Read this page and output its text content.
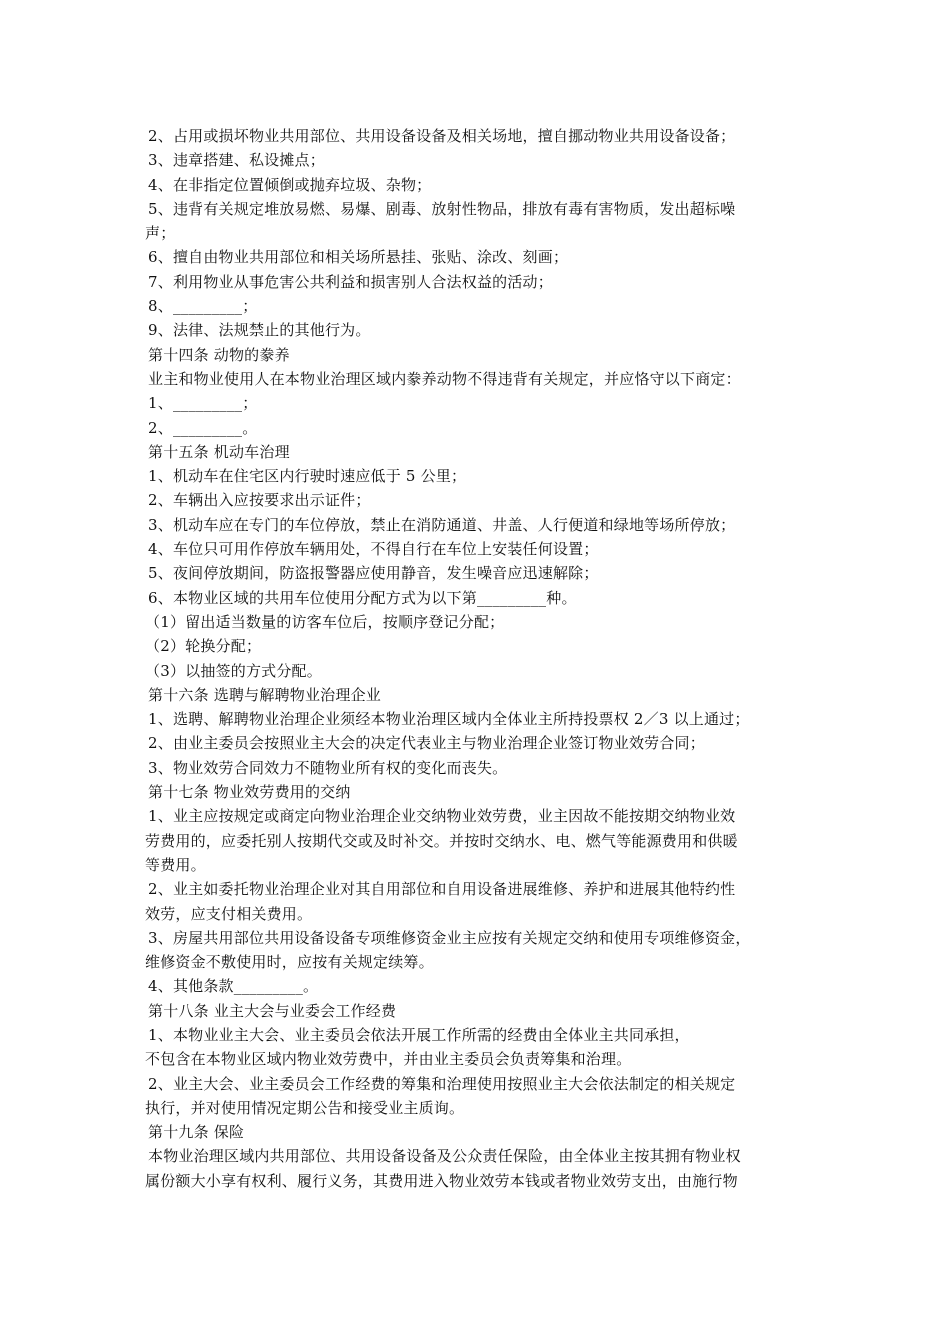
2、占用或损坏物业共用部位、共用设备设备及相关场地，擅自挪动物业共用设备设备；
3、违章搭建、私设摊点；
4、在非指定位置倾倒或抛弃垃圾、杂物；
5、违背有关规定堆放易燃、易爆、剧毒、放射性物品，排放有毒有害物质，发出超标噪
声；
6、擅自由物业共用部位和相关场所悬挂、张贴、涂改、刻画；
7、利用物业从事危害公共利益和损害别人合法权益的活动；
8、_________；
9、法律、法规禁止的其他行为。
第十四条 动物的豢养
业主和物业使用人在本物业治理区域内豢养动物不得违背有关规定，并应恪守以下商定：
1、_________；
2、_________。
第十五条 机动车治理
1、机动车在住宅区内行驶时速应低于 5 公里；
2、车辆出入应按要求出示证件；
3、机动车应在专门的车位停放，禁止在消防通道、井盖、人行便道和绿地等场所停放；
4、车位只可用作停放车辆用处，不得自行在车位上安装任何设置；
5、夜间停放期间，防盗报警器应使用静音，发生噪音应迅速解除；
6、本物业区域的共用车位使用分配方式为以下第_________种。
（1）留出适当数量的访客车位后，按顺序登记分配；
（2）轮换分配；
（3）以抽签的方式分配。
第十六条 选聘与解聘物业治理企业
1、选聘、解聘物业治理企业须经本物业治理区域内全体业主所持投票权 2／3 以上通过；
2、由业主委员会按照业主大会的决定代表业主与物业治理企业签订物业效劳合同；
3、物业效劳合同效力不随物业所有权的变化而丧失。
第十七条 物业效劳费用的交纳
1、业主应按规定或商定向物业治理企业交纳物业效劳费，业主因故不能按期交纳物业效
劳费用的，应委托别人按期代交或及时补交。并按时交纳水、电、燃气等能源费用和供暖
等费用。
2、业主如委托物业治理企业对其自用部位和自用设备进展维修、养护和进展其他特约性
效劳，应支付相关费用。
3、房屋共用部位共用设备设备专项维修资金业主应按有关规定交纳和使用专项维修资金，
维修资金不敷使用时，应按有关规定续筹。
4、其他条款_________。
第十八条 业主大会与业委会工作经费
1、本物业业主大会、业主委员会依法开展工作所需的经费由全体业主共同承担，
不包含在本物业区域内物业效劳费中，并由业主委员会负责筹集和治理。
2、业主大会、业主委员会工作经费的筹集和治理使用按照业主大会依法制定的相关规定
执行，并对使用情况定期公告和接受业主质询。
第十九条 保险
本物业治理区域内共用部位、共用设备设备及公众责任保险，由全体业主按其拥有物业权
属份额大小享有权利、履行义务，其费用进入物业效劳本钱或者物业效劳支出，由施行物
